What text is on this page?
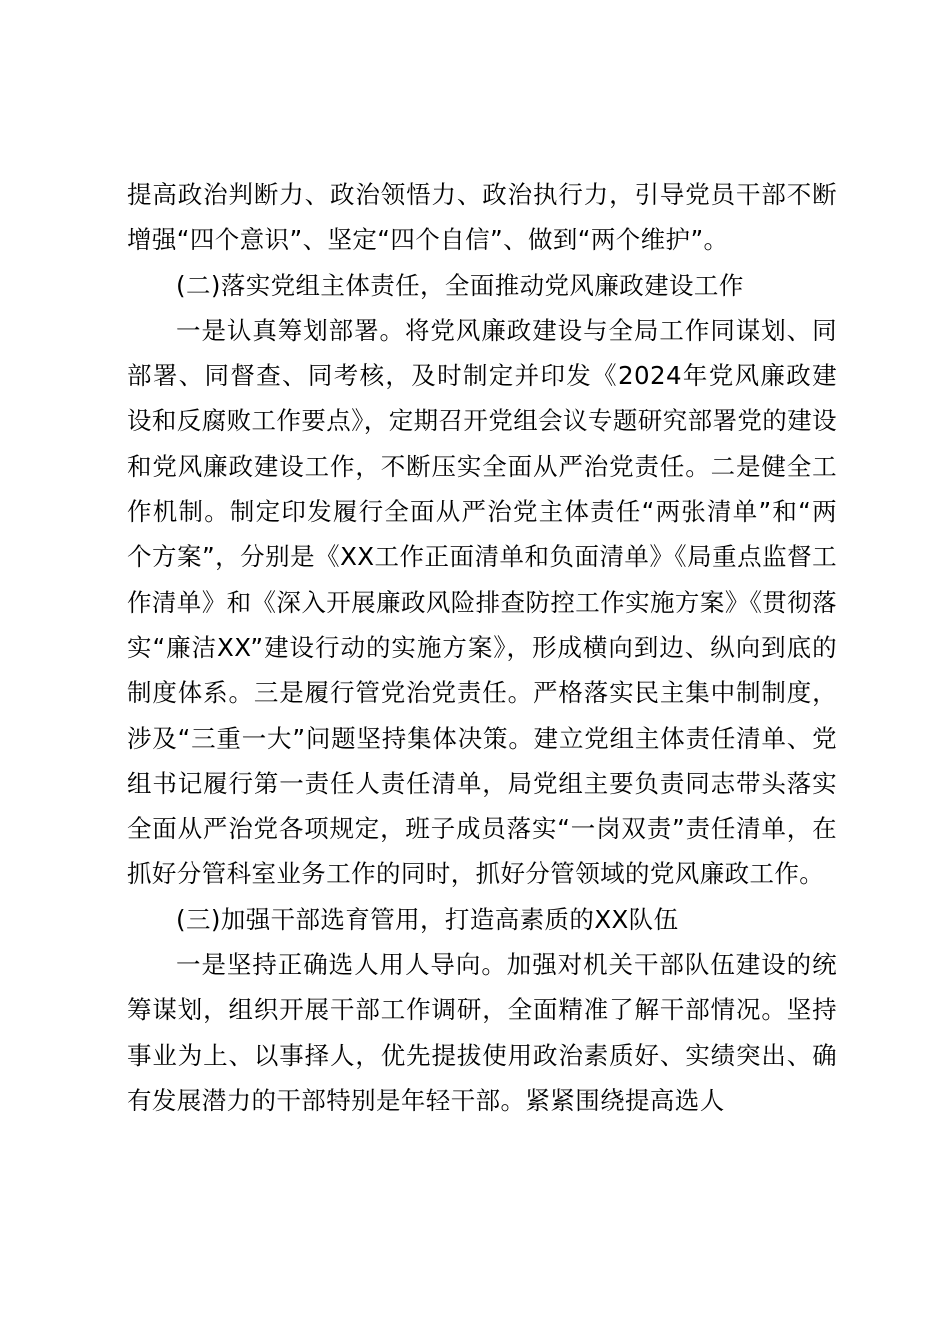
提高政治判断力、政治领悟力、政治执行力，引导党员干部不断增强“四个意识”、坚定“四个自信”、做到“两个维护”。

(二)落实党组主体责任，全面推动党风廉政建设工作

一是认真筹划部署。将党风廉政建设与全局工作同谋划、同部署、同督查、同考核，及时制定并印发《2024年党风廉政建设和反腐败工作要点》，定期召开党组会议专题研究部署党的建设和党风廉政建设工作，不断压实全面从严治党责任。二是健全工作机制。制定印发履行全面从严治党主体责任“两张清单”和“两个方案”，分别是《XX工作正面清单和负面清单》《局重点监督工作清单》和《深入开展廉政风险排查防控工作实施方案》《贯彻落实“廉洁XX”建设行动的实施方案》，形成横向到边、纵向到底的制度体系。三是履行管党治党责任。严格落实民主集中制制度，涉及“三重一大”问题坚持集体决策。建立党组主体责任清单、党组书记履行第一责任人责任清单，局党组主要负责同志带头落实全面从严治党各项规定，班子成员落实“一岗双责”责任清单，在抓好分管科室业务工作的同时，抓好分管领域的党风廉政工作。

(三)加强干部选育管用，打造高素质的XX队伍

一是坚持正确选人用人导向。加强对机关干部队伍建设的统筹谋划，组织开展干部工作调研，全面精准了解干部情况。坚持事业为上、以事择人，优先提拔使用政治素质好、实绩突出、确有发展潜力的干部特别是年轻干部。紧紧围绕提高选人
